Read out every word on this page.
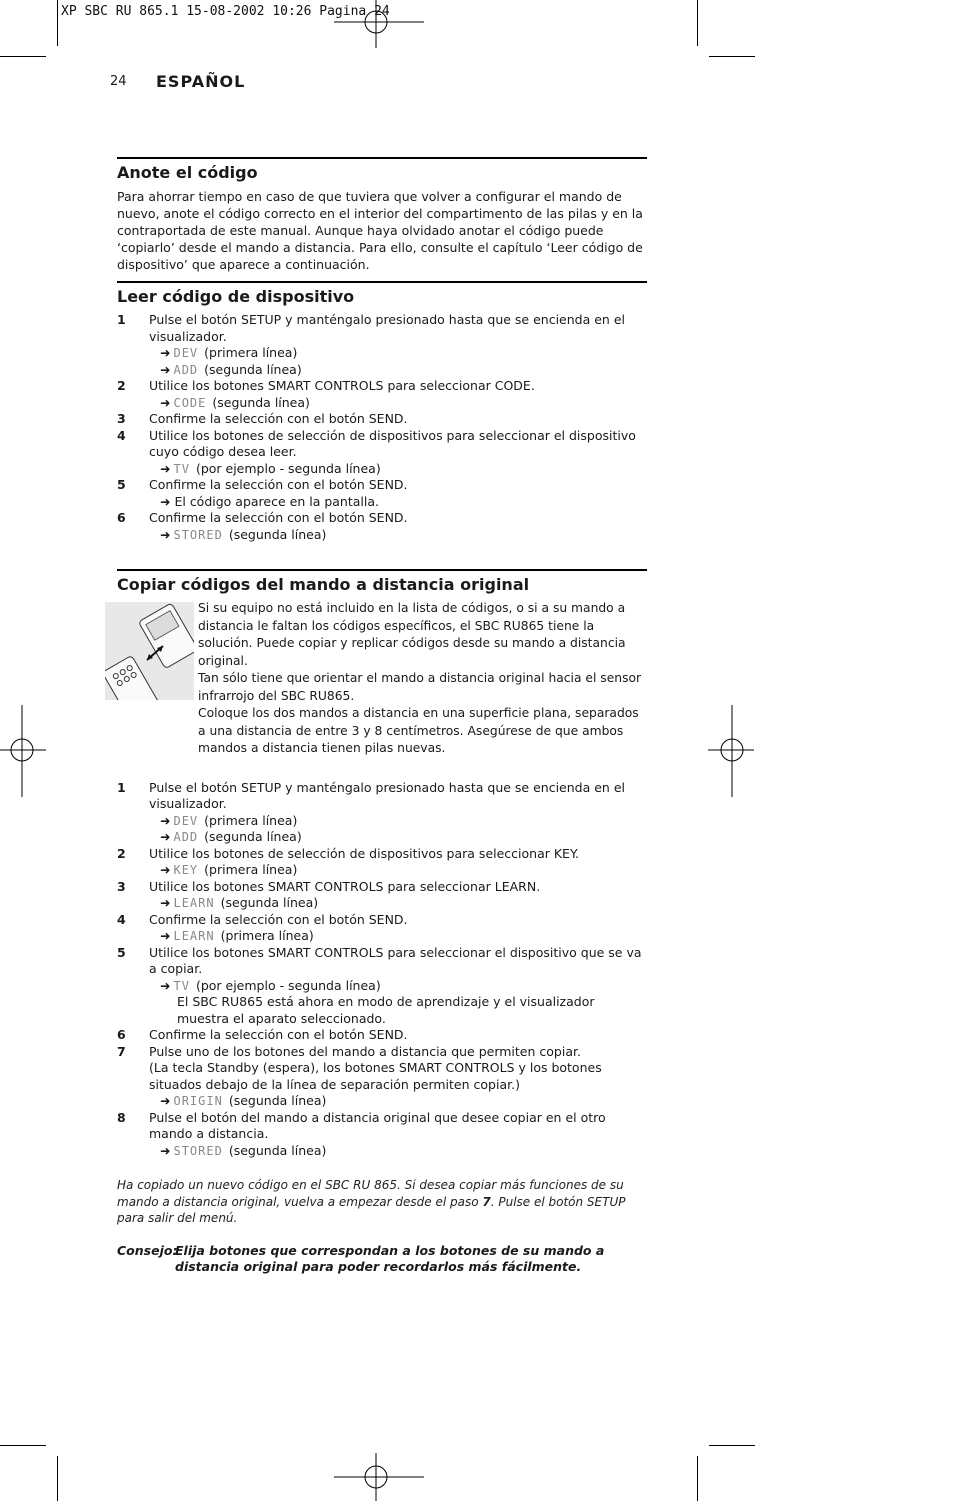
XP SBC RU 865.1 15-08-2002 10:26 Pagina 24
24 ESPAÑOL
Anote el código

Para ahorrar tiempo en caso de que tuviera que volver a configurar el mando de nuevo, anote el código correcto en el interior del compartimento de las pilas y en la contraportada de este manual. Aunque haya olvidado anotar el código puede ‘copiarlo’ desde el mando a distancia. Para ello, consulte el capítulo ‘Leer código de dispositivo’ que aparece a continuación.

Leer código de dispositivo
1 Pulse el botón SETUP y manténgalo presionado hasta que se encienda en el visualizador.
➜ DEV (primera línea)
➜ ADD (segunda línea)
2 Utilice los botones SMART CONTROLS para seleccionar CODE.
➜ CODE (segunda línea)
3 Confirme la selección con el botón SEND.
4 Utilice los botones de selección de dispositivos para seleccionar el dispositivo cuyo código desea leer.
➜ TV (por ejemplo - segunda línea)
5 Confirme la selección con el botón SEND.
➜ El código aparece en la pantalla.
6 Confirme la selección con el botón SEND.
➜ STORED (segunda línea)
Copiar códigos del mando a distancia original

Si su equipo no está incluido en la lista de códigos, o si a su mando a distancia le faltan los códigos específicos, el SBC RU865 tiene la solución. Puede copiar y replicar códigos desde su mando a distancia original.

Tan sólo tiene que orientar el mando a distancia original hacia el sensor infrarrojo del SBC RU865.

Coloque los dos mandos a distancia en una superficie plana, separados a una distancia de entre 3 y 8 centímetros. Asegúrese de que ambos mandos a distancia tienen pilas nuevas.

1 Pulse el botón SETUP y manténgalo presionado hasta que se encienda en el visualizador.
➜ DEV (primera línea)
➜ ADD (segunda línea)
2 Utilice los botones de selección de dispositivos para seleccionar KEY.
➜ KEY (primera línea)
3 Utilice los botones SMART CONTROLS para seleccionar LEARN.
➜ LEARN (segunda línea)
4 Confirme la selección con el botón SEND.
➜ LEARN (primera línea)
5 Utilice los botones SMART CONTROLS para seleccionar el dispositivo que se va a copiar.
➜ TV (por ejemplo - segunda línea)
El SBC RU865 está ahora en modo de aprendizaje y el visualizador muestra el aparato seleccionado.
6 Confirme la selección con el botón SEND.
7 Pulse uno de los botones del mando a distancia que permiten copiar.
(La tecla Standby (espera), los botones SMART CONTROLS y los botones situados debajo de la línea de separación permiten copiar.)
➜ ORIGIN (segunda línea)
8 Pulse el botón del mando a distancia original que desee copiar en el otro mando a distancia.
➜ STORED (segunda línea)

Ha copiado un nuevo código en el SBC RU 865. Si desea copiar más funciones de su mando a distancia original, vuelva a empezar desde el paso 7. Pulse el botón SETUP para salir del menú.

Consejo:
Elija botones que correspondan a los botones de su mando a distancia original para poder recordarlos más fácilmente.
